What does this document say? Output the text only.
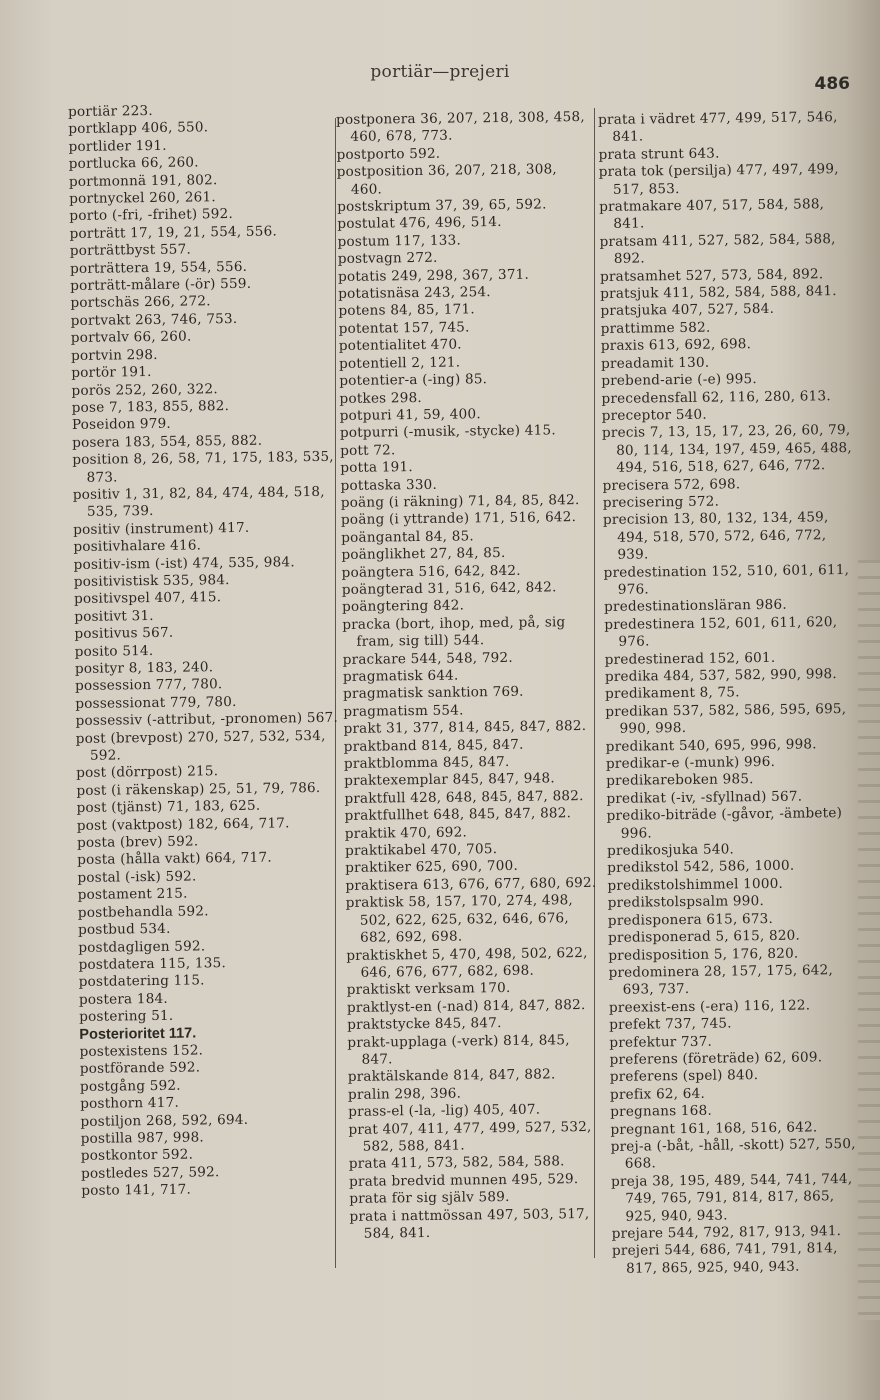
portiär—prejeri
486

portiär 223.

portklapp 406, 550.

portlider 191.

portlucka 66, 260.

portmonnä 191, 802.

portnyckel 260, 261.

porto (-fri, -frihet) 592.

porträtt 17, 19, 21, 554, 556.

porträttbyst 557.

porträttera 19, 554, 556.

porträtt-målare (-ör) 559.

portschäs 266, 272.

portvakt 263, 746, 753.

portvalv 66, 260.

portvin 298.

portör 191.

porös 252, 260, 322.

pose 7, 183, 855, 882.

Poseidon 979.

posera 183, 554, 855, 882.

position 8, 26, 58, 71, 175, 183, 535, 873.

positiv 1, 31, 82, 84, 474, 484, 518, 535, 739.

positiv (instrument) 417.

positivhalare 416.

positiv-ism (-ist) 474, 535, 984.

positivistisk 535, 984.

positivspel 407, 415.

positivt 31.

positivus 567.

posito 514.

posityr 8, 183, 240.

possession 777, 780.

possessionat 779, 780.

possessiv (-attribut, -pronomen) 567.

post (brevpost) 270, 527, 532, 534, 592.

post (dörrpost) 215.

post (i räkenskap) 25, 51, 79, 786.

post (tjänst) 71, 183, 625.

post (vaktpost) 182, 664, 717.

posta (brev) 592.

posta (hålla vakt) 664, 717.

postal (-isk) 592.

postament 215.

postbehandla 592.

postbud 534.

postdagligen 592.

postdatera 115, 135.

postdatering 115.

postera 184.

postering 51.

Posterioritet 117.

postexistens 152.

postförande 592.

postgång 592.

posthorn 417.

postiljon 268, 592, 694.

postilla 987, 998.

postkontor 592.

postledes 527, 592.

posto 141, 717.

postponera 36, 207, 218, 308, 458, 460, 678, 773.

postporto 592.

postposition 36, 207, 218, 308, 460.

postskriptum 37, 39, 65, 592.

postulat 476, 496, 514.

postum 117, 133.

postvagn 272.

potatis 249, 298, 367, 371.

potatisnäsa 243, 254.

potens 84, 85, 171.

potentat 157, 745.

potentialitet 470.

potentiell 2, 121.

potentier-a (-ing) 85.

potkes 298.

potpuri 41, 59, 400.

potpurri (-musik, -stycke) 415.

pott 72.

potta 191.

pottaska 330.

poäng (i räkning) 71, 84, 85, 842.

poäng (i yttrande) 171, 516, 642.

poängantal 84, 85.

poänglikhet 27, 84, 85.

poängtera 516, 642, 842.

poängterad 31, 516, 642, 842.

poängtering 842.

pracka (bort, ihop, med, på, sig fram, sig till) 544.

prackare 544, 548, 792.

pragmatisk 644.

pragmatisk sanktion 769.

pragmatism 554.

prakt 31, 377, 814, 845, 847, 882.

praktband 814, 845, 847.

praktblomma 845, 847.

praktexemplar 845, 847, 948.

praktfull 428, 648, 845, 847, 882.

praktfullhet 648, 845, 847, 882.

praktik 470, 692.

praktikabel 470, 705.

praktiker 625, 690, 700.

praktisera 613, 676, 677, 680, 692.

praktisk 58, 157, 170, 274, 498, 502, 622, 625, 632, 646, 676, 682, 692, 698.

praktiskhet 5, 470, 498, 502, 622, 646, 676, 677, 682, 698.

praktiskt verksam 170.

praktlyst-en (-nad) 814, 847, 882.

praktstycke 845, 847.

prakt-upplaga (-verk) 814, 845, 847.

praktälskande 814, 847, 882.

pralin 298, 396.

prass-el (-la, -lig) 405, 407.

prat 407, 411, 477, 499, 527, 532, 582, 588, 841.

prata 411, 573, 582, 584, 588.

prata bredvid munnen 495, 529.

prata för sig själv 589.

prata i nattmössan 497, 503, 517, 584, 841.

prata i vädret 477, 499, 517, 546, 841.

prata strunt 643.

prata tok (persilja) 477, 497, 499, 517, 853.

pratmakare 407, 517, 584, 588, 841.

pratsam 411, 527, 582, 584, 588, 892.

pratsamhet 527, 573, 584, 892.

pratsjuk 411, 582, 584, 588, 841.

pratsjuka 407, 527, 584.

prattimme 582.

praxis 613, 692, 698.

preadamit 130.

prebend-arie (-e) 995.

precedensfall 62, 116, 280, 613.

preceptor 540.

precis 7, 13, 15, 17, 23, 26, 60, 79, 80, 114, 134, 197, 459, 465, 488, 494, 516, 518, 627, 646, 772.

precisera 572, 698.

precisering 572.

precision 13, 80, 132, 134, 459, 494, 518, 570, 572, 646, 772, 939.

predestination 152, 510, 601, 611, 976.

predestinationsläran 986.

predestinera 152, 601, 611, 620, 976.

predestinerad 152, 601.

predika 484, 537, 582, 990, 998.

predikament 8, 75.

predikan 537, 582, 586, 595, 695, 990, 998.

predikant 540, 695, 996, 998.

predikar-e (-munk) 996.

predikareboken 985.

predikat (-iv, -sfyllnad) 567.

prediko-biträde (-gåvor, -ämbete) 996.

predikosjuka 540.

predikstol 542, 586, 1000.

predikstolshimmel 1000.

predikstolspsalm 990.

predisponera 615, 673.

predisponerad 5, 615, 820.

predisposition 5, 176, 820.

predominera 28, 157, 175, 642, 693, 737.

preexist-ens (-era) 116, 122.

prefekt 737, 745.

prefektur 737.

preferens (företräde) 62, 609.

preferens (spel) 840.

prefix 62, 64.

pregnans 168.

pregnant 161, 168, 516, 642.

prej-a (-båt, -håll, -skott) 527, 550, 668.

preja 38, 195, 489, 544, 741, 744, 749, 765, 791, 814, 817, 865, 925, 940, 943.

prejare 544, 792, 817, 913, 941.

prejeri 544, 686, 741, 791, 814, 817, 865, 925, 940, 943.
